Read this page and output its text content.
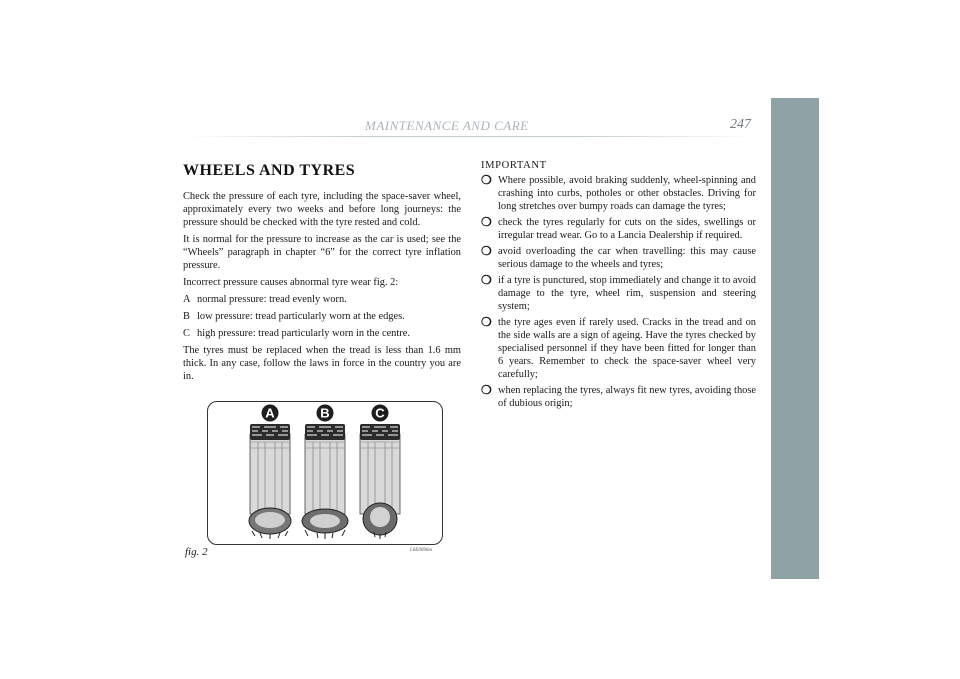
MAINTENANCE AND CARE	247
WHEELS AND TYRES

Check the pressure of each tyre, including the space-saver wheel, approximately every two weeks and before long journeys: the pressure should be checked with the tyre rested and cold.

It is normal for the pressure to increase as the car is used; see the “Wheels” paragraph in chapter “6” for the correct tyre inflation pressure.

Incorrect pressure causes abnormal tyre wear fig. 2:

A normal pressure: tread evenly worn.
B low pressure: tread particularly worn at the edges.
C high pressure: tread particularly worn in the centre.

The tyres must be replaced when the tread is less than 1.6 mm thick. In any case, follow the laws in force in the country you are in.

A	B	C
fig. 2	L0E0096m
IMPORTANT
❍ Where possible, avoid braking suddenly, wheel-spinning and crashing into curbs, potholes or other obstacles. Driving for long stretches over bumpy roads can damage the tyres;
❍ check the tyres regularly for cuts on the sides, swellings or irregular tread wear. Go to a Lancia Dealership if required.
❍ avoid overloading the car when travelling: this may cause serious damage to the wheels and tyres;
❍ if a tyre is punctured, stop immediately and change it to avoid damage to the tyre, wheel rim, suspension and steering system;
❍ the tyre ages even if rarely used. Cracks in the tread and on the side walls are a sign of ageing. Have the tyres checked by specialised personnel if they have been fitted for longer than 6 years. Remember to check the space-saver wheel very carefully;
❍ when replacing the tyres, always fit new tyres, avoiding those of dubious origin;
